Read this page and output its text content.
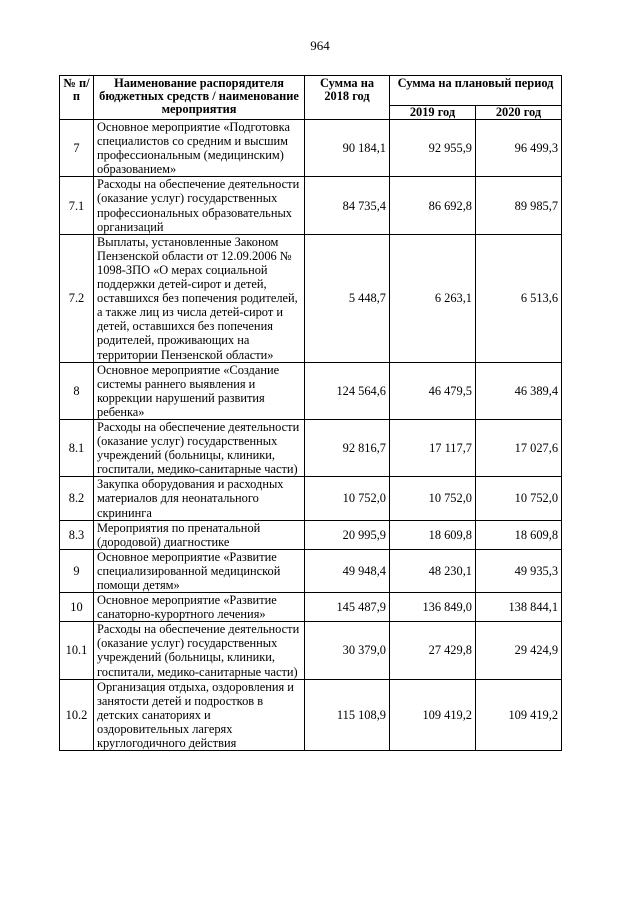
964
№ п/п	Наименование распорядителя бюджетных средств / наименование мероприятия	Сумма на 2018 год	Сумма на плановый период	
			2019 год	2020 год
7	Основное мероприятие «Подготовка специалистов со средним и высшим профессиональным (медицинским) образованием»	90 184,1	92 955,9	96 499,3
7.1	Расходы на обеспечение деятельности (оказание услуг) государственных профессиональных образовательных организаций	84 735,4	86 692,8	89 985,7
7.2	Выплаты, установленные Законом Пензенской области от 12.09.2006 № 1098-ЗПО «О мерах социальной поддержки детей-сирот и детей, оставшихся без попечения родителей, а также лиц из числа детей-сирот и детей, оставшихся без попечения родителей, проживающих на территории Пензенской области»	5 448,7	6 263,1	6 513,6
8	Основное мероприятие «Создание системы раннего выявления и коррекции нарушений развития ребенка»	124 564,6	46 479,5	46 389,4
8.1	Расходы на обеспечение деятельности (оказание услуг) государственных учреждений (больницы, клиники, госпитали, медико-санитарные части)	92 816,7	17 117,7	17 027,6
8.2	Закупка оборудования и расходных материалов для неонатального скрининга	10 752,0	10 752,0	10 752,0
8.3	Мероприятия по пренатальной (дородовой) диагностике	20 995,9	18 609,8	18 609,8
9	Основное мероприятие «Развитие специализированной медицинской помощи детям»	49 948,4	48 230,1	49 935,3
10	Основное мероприятие «Развитие санаторно-курортного лечения»	145 487,9	136 849,0	138 844,1
10.1	Расходы на обеспечение деятельности (оказание услуг) государственных учреждений (больницы, клиники, госпитали, медико-санитарные части)	30 379,0	27 429,8	29 424,9
10.2	Организация отдыха, оздоровления и занятости детей и подростков в детских санаториях и оздоровительных лагерях круглогодичного действия	115 108,9	109 419,2	109 419,2
